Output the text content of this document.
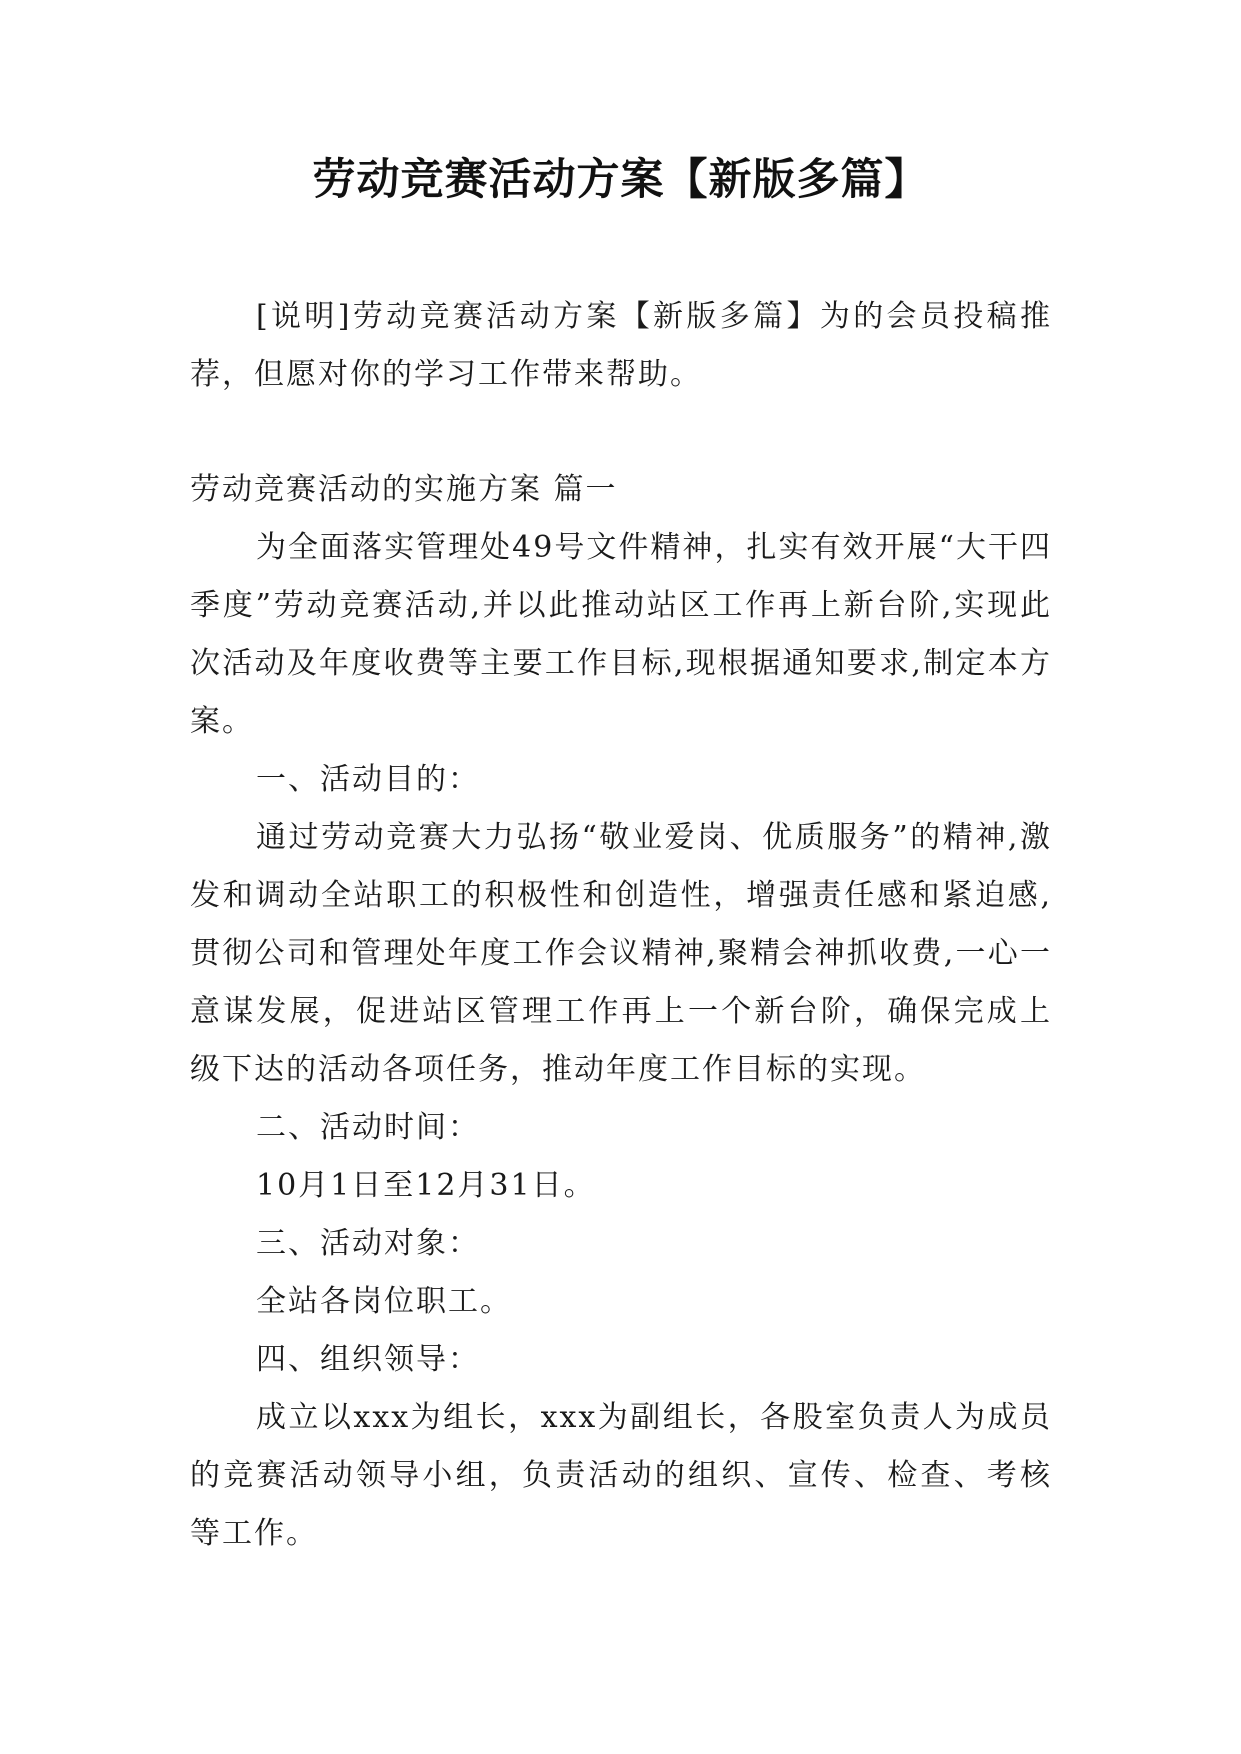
劳动竞赛活动方案【新版多篇】

[说明]劳动竞赛活动方案【新版多篇】为的会员投稿推荐，但愿对你的学习工作带来帮助。

劳动竞赛活动的实施方案 篇一

为全面落实管理处49号文件精神，扎实有效开展“大干四季度”劳动竞赛活动,并以此推动站区工作再上新台阶,实现此次活动及年度收费等主要工作目标,现根据通知要求,制定本方案。

一、活动目的：

通过劳动竞赛大力弘扬“敬业爱岗、优质服务”的精神,激发和调动全站职工的积极性和创造性，增强责任感和紧迫感,贯彻公司和管理处年度工作会议精神,聚精会神抓收费,一心一意谋发展，促进站区管理工作再上一个新台阶，确保完成上级下达的活动各项任务，推动年度工作目标的实现。

二、活动时间：

10月1日至12月31日。

三、活动对象：

全站各岗位职工。

四、组织领导：

成立以xxx为组长，xxx为副组长，各股室负责人为成员的竞赛活动领导小组，负责活动的组织、宣传、检查、考核等工作。
